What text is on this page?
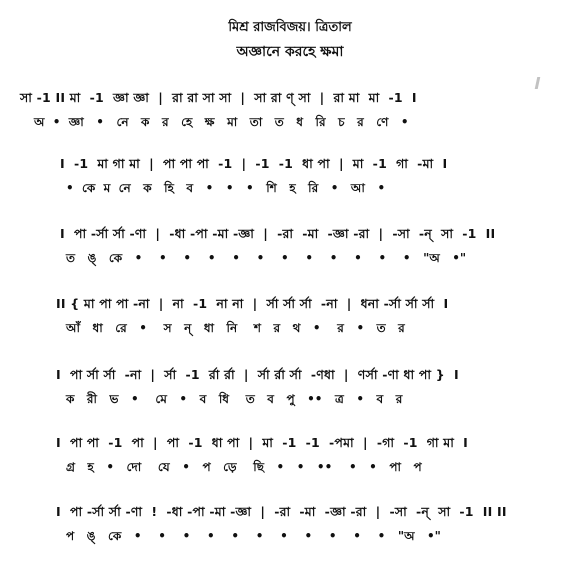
মিশ্র রাজবিজয়। ত্রিতাল
অজ্ঞানে করহে ক্ষমা
সা -1 II মা  -1  জ্ঞা জ্ঞা  |  রা রা সা সা  |  সা রা ণ্‌ সা  |  রা মা  মা  -1  I
অ  •  জ্ঞা   •   নে   ক   র   হে   ক্ষ   মা   তা   ত   ধ   রি   চ   র   ণে   •
I  -1  মা গা মা  |  পা পা পা  -1  |  -1  -1  ধা পা  |  মা  -1  গা  -মা  I
•  কে  ম  নে   ক   হি   ব   •   •   •   শি   হ   রি   •   আ   •
I  পা -র্সা র্সা -ণা  |  -ধা -পা -মা -জ্ঞা  |  -রা  -মা  -জ্ঞা -রা  |  -সা  -ন্‌  সা  -1  II
ত   ঙ্‌   কে   •    •    •    •    •    •    •    •    •    •    •    •   "অ   •"
II { মা পা পা -না  |  না  -1  না না  |  র্সা র্সা র্সা  -না  |  ধনা -র্সা র্সা র্সা  I
আঁ   ধা   রে   •    স   ন্‌   ধা   নি    শ   র   থ   •    র   •   ত   র
I  পা র্সা র্সা  -না  |  র্সা  -1  র্রা র্রা  |  র্সা র্রা র্সা  -ণধা  |  ণর্সা -ণা ধা পা }  I
ক   রী   ভ   •    মে   •   ব   ধি    ত   ব   পু   ••   ত্র   •   ব   র
I  পা পা  -1  পা  |  পা  -1  ধা পা  |  মা  -1  -1  -পমা  |  -গা  -1  গা মা  I
গ্র   হ   •   দো    যে   •   প   ড়ে    ছি   •   •   ••    •   •   পা   প
I  পা -র্সা র্সা -ণা  !  -ধা -পা -মা -জ্ঞা  |  -রা  -মা  -জ্ঞা -রা  |  -সা  -ন্‌  সা  -1  II II
প   ঙ্‌   কে   •    •    •    •    •    •    •    •    •    •    •   "অ   •"
